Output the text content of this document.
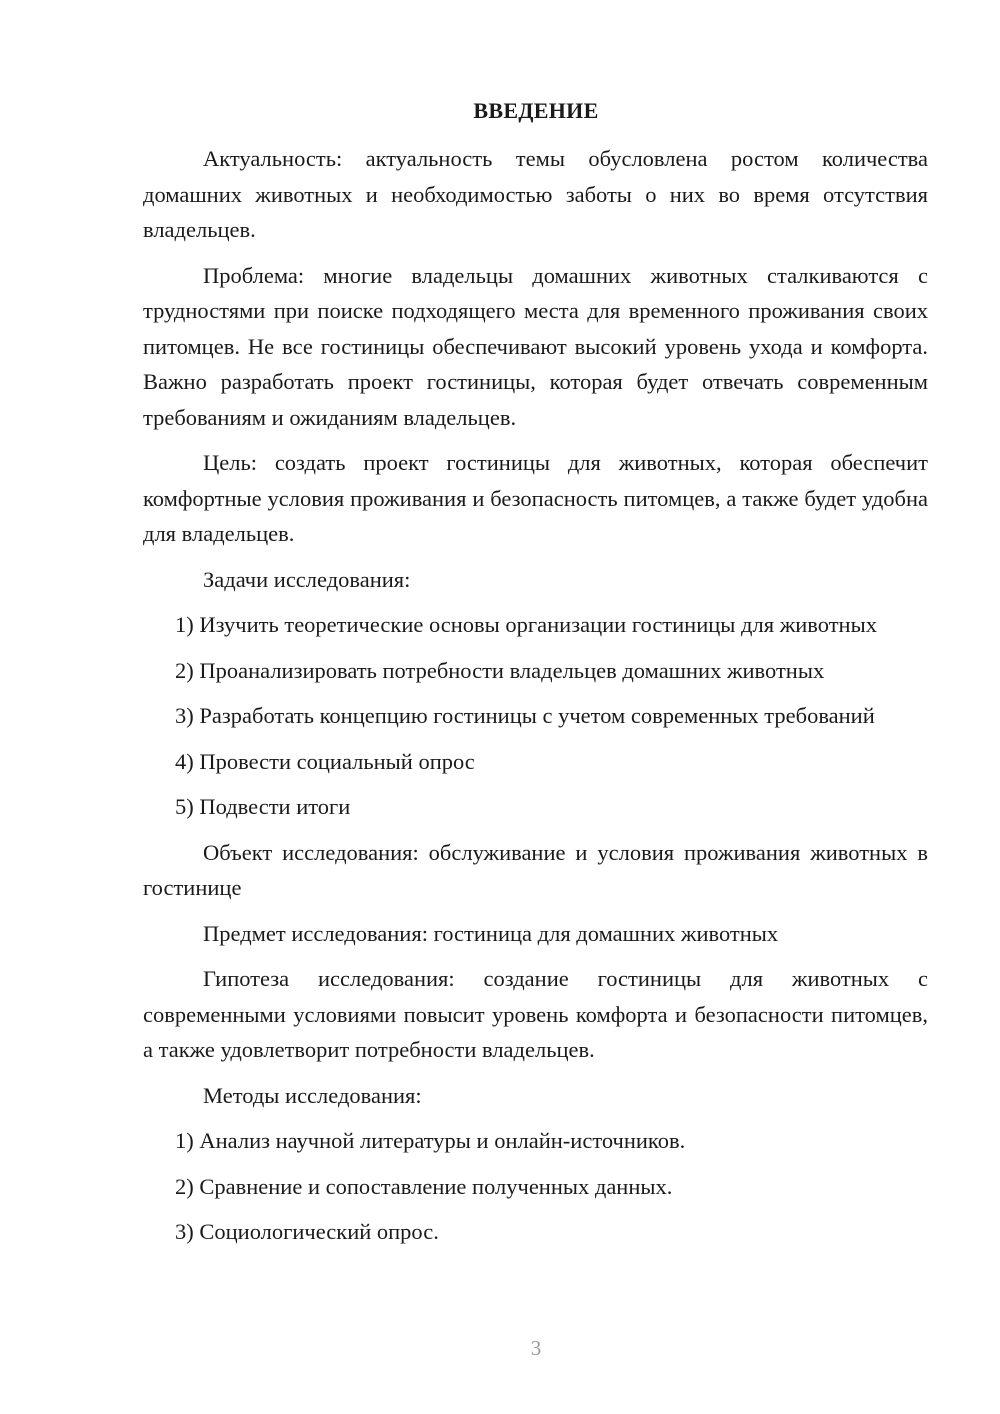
ВВЕДЕНИЕ

Актуальность: актуальность темы обусловлена ростом количества домашних животных и необходимостью заботы о них во время отсутствия владельцев.

Проблема: многие владельцы домашних животных сталкиваются с трудностями при поиске подходящего места для временного проживания своих питомцев. Не все гостиницы обеспечивают высокий уровень ухода и комфорта. Важно разработать проект гостиницы, которая будет отвечать современным требованиям и ожиданиям владельцев.

Цель: создать проект гостиницы для животных, которая обеспечит комфортные условия проживания и безопасность питомцев, а также будет удобна для владельцев.

Задачи исследования:

1) Изучить теоретические основы организации гостиницы для животных

2) Проанализировать потребности владельцев домашних животных

3) Разработать концепцию гостиницы с учетом современных требований

4) Провести социальный опрос

5) Подвести итоги

Объект исследования: обслуживание и условия проживания животных в гостинице

Предмет исследования: гостиница для домашних животных

Гипотеза исследования: создание гостиницы для животных с современными условиями повысит уровень комфорта и безопасности питомцев, а также удовлетворит потребности владельцев.

Методы исследования:

1) Анализ научной литературы и онлайн-источников.

2) Сравнение и сопоставление полученных данных.

3) Социологический опрос.

3
